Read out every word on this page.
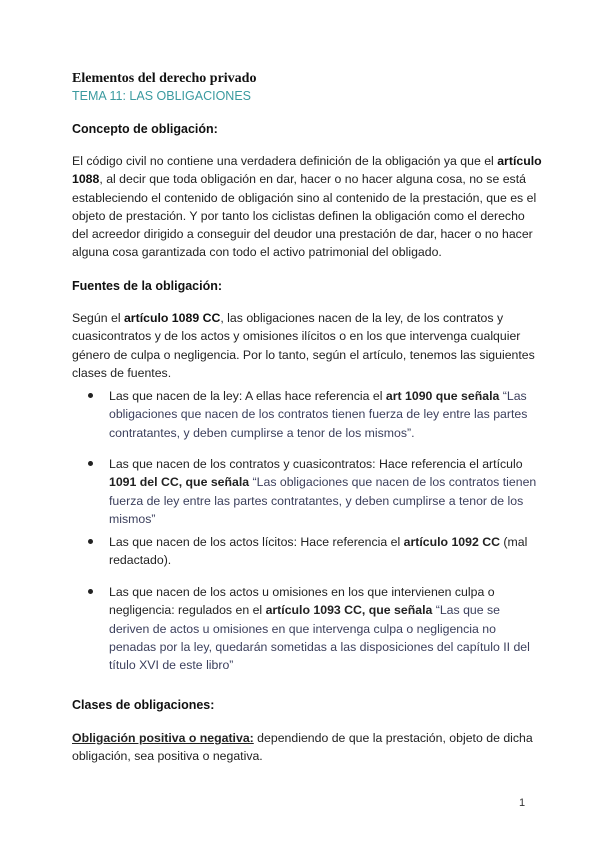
Elementos del derecho privado
TEMA 11: LAS OBLIGACIONES
Concepto de obligación:
El código civil no contiene una verdadera definición de la obligación ya que el artículo 1088, al decir que toda obligación en dar, hacer o no hacer alguna cosa, no se está estableciendo el contenido de obligación sino al contenido de la prestación, que es el objeto de prestación. Y por tanto los ciclistas definen la obligación como el derecho del acreedor dirigido a conseguir del deudor una prestación de dar, hacer o no hacer alguna cosa garantizada con todo el activo patrimonial del obligado.
Fuentes de la obligación:
Según el artículo 1089 CC, las obligaciones nacen de la ley, de los contratos y cuasicontratos y de los actos y omisiones ilícitos o en los que intervenga cualquier género de culpa o negligencia. Por lo tanto, según el artículo, tenemos las siguientes clases de fuentes.
Las que nacen de la ley: A ellas hace referencia el art 1090 que señala “Las obligaciones que nacen de los contratos tienen fuerza de ley entre las partes contratantes, y deben cumplirse a tenor de los mismos”.
Las que nacen de los contratos y cuasicontratos: Hace referencia el artículo 1091 del CC, que señala “Las obligaciones que nacen de los contratos tienen fuerza de ley entre las partes contratantes, y deben cumplirse a tenor de los mismos”
Las que nacen de los actos lícitos: Hace referencia el artículo 1092 CC (mal redactado).
Las que nacen de los actos u omisiones en los que intervienen culpa o negligencia: regulados en el artículo 1093 CC, que señala “Las que se deriven de actos u omisiones en que intervenga culpa o negligencia no penadas por la ley, quedarán sometidas a las disposiciones del capítulo II del título XVI de este libro”
Clases de obligaciones:
Obligación positiva o negativa: dependiendo de que la prestación, objeto de dicha obligación, sea positiva o negativa.
1
